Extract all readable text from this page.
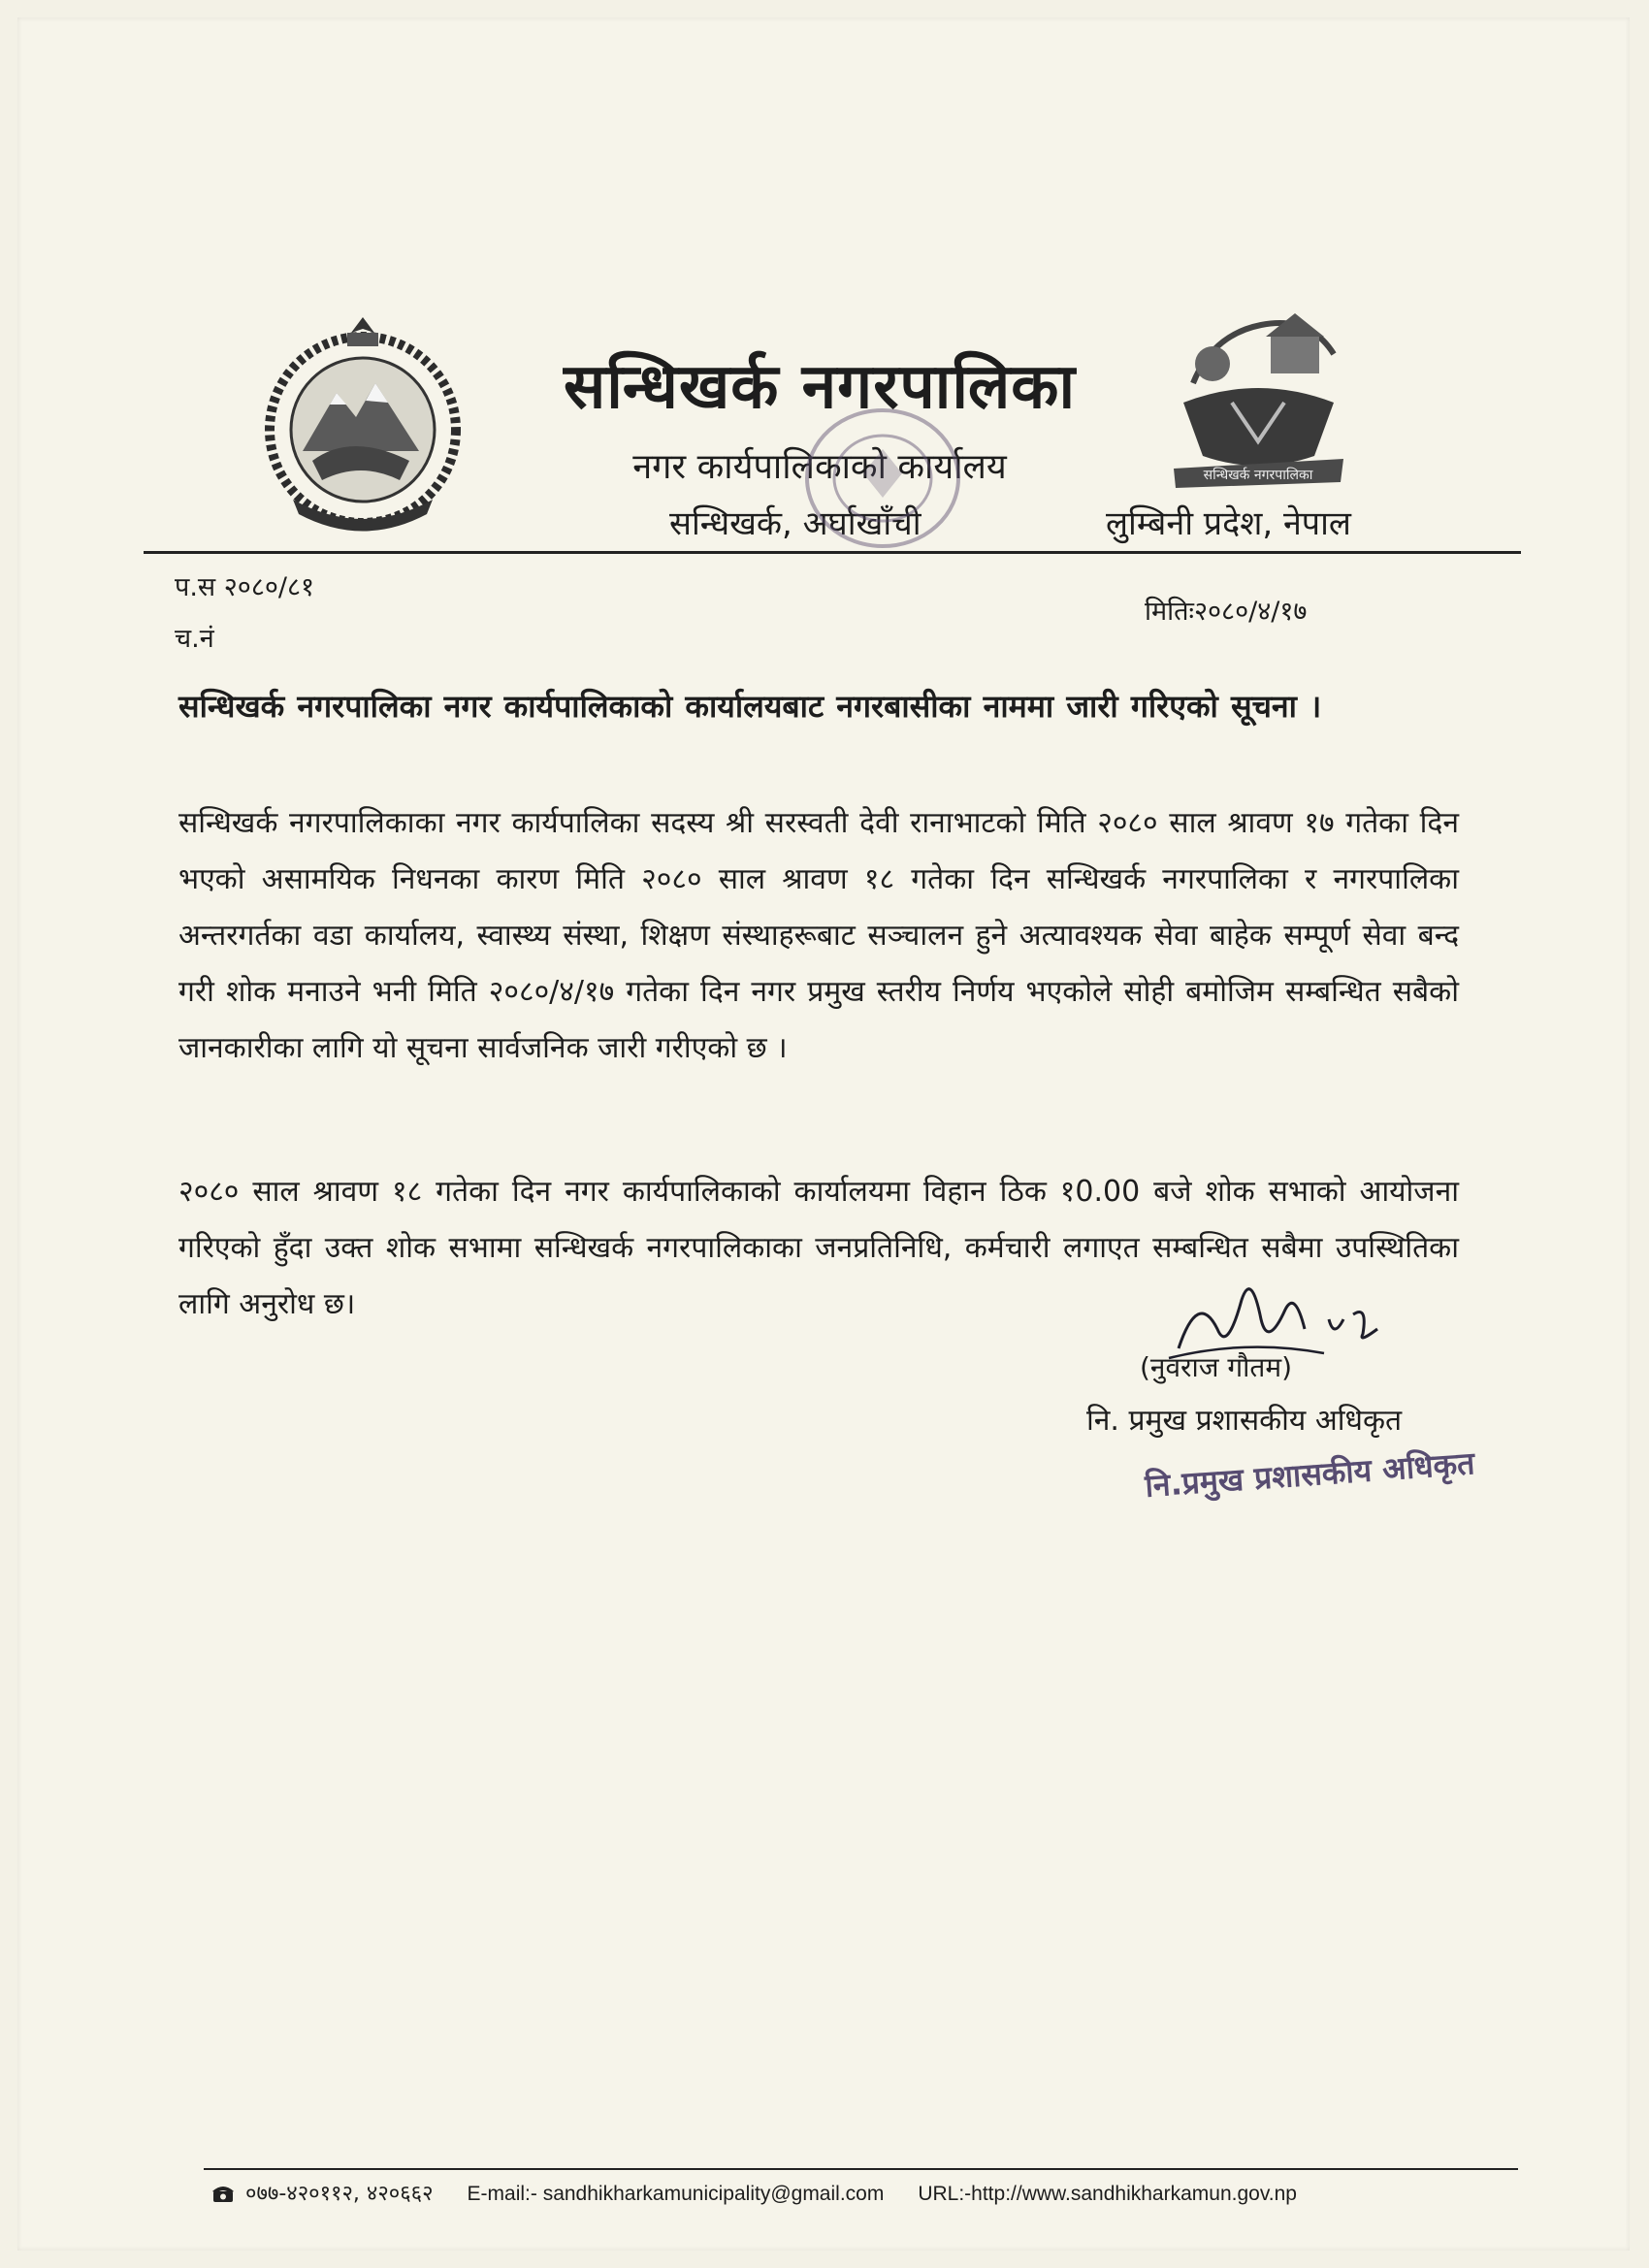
सन्धिखर्क नगरपालिका
नगर कार्यपालिकाको कार्यालय
सन्धिखर्क, अर्घाखाँची
सन्धिखर्क नगरपालिका
लुम्बिनी प्रदेश, नेपाल
प.स २०८०/८१
मितिः२०८०/४/१७
च.नं
सन्धिखर्क नगरपालिका नगर कार्यपालिकाको कार्यालयबाट नगरबासीका नाममा जारी गरिएको सूचना ।
सन्धिखर्क नगरपालिकाका नगर कार्यपालिका सदस्य श्री सरस्वती देवी रानाभाटको मिति २०८० साल श्रावण १७ गतेका दिन भएको असामयिक निधनका कारण मिति २०८० साल श्रावण १८ गतेका दिन सन्धिखर्क नगरपालिका र नगरपालिका अन्तरगर्तका वडा कार्यालय, स्वास्थ्य संस्था, शिक्षण संस्थाहरूबाट सञ्चालन हुने अत्यावश्यक सेवा बाहेक सम्पूर्ण सेवा बन्द गरी शोक मनाउने भनी मिति २०८०/४/१७ गतेका दिन नगर प्रमुख स्तरीय निर्णय भएकोले सोही बमोजिम सम्बन्धित सबैको जानकारीका लागि यो सूचना सार्वजनिक जारी गरीएको छ ।
२०८० साल श्रावण १८ गतेका दिन नगर कार्यपालिकाको कार्यालयमा विहान ठिक १0.00 बजे शोक सभाको आयोजना गरिएको हुँदा उक्त शोक सभामा सन्धिखर्क नगरपालिकाका जनप्रतिनिधि, कर्मचारी लगाएत सम्बन्धित सबैमा उपस्थितिका लागि अनुरोध छ।
(नुवराज गौतम)
नि. प्रमुख प्रशासकीय अधिकृत
नि.प्रमुख प्रशासकीय अधिकृत
०७७-४२०११२, ४२०६६२ E-mail:- sandhikharkamunicipality@gmail.com URL:-http://www.sandhikharkamun.gov.np
